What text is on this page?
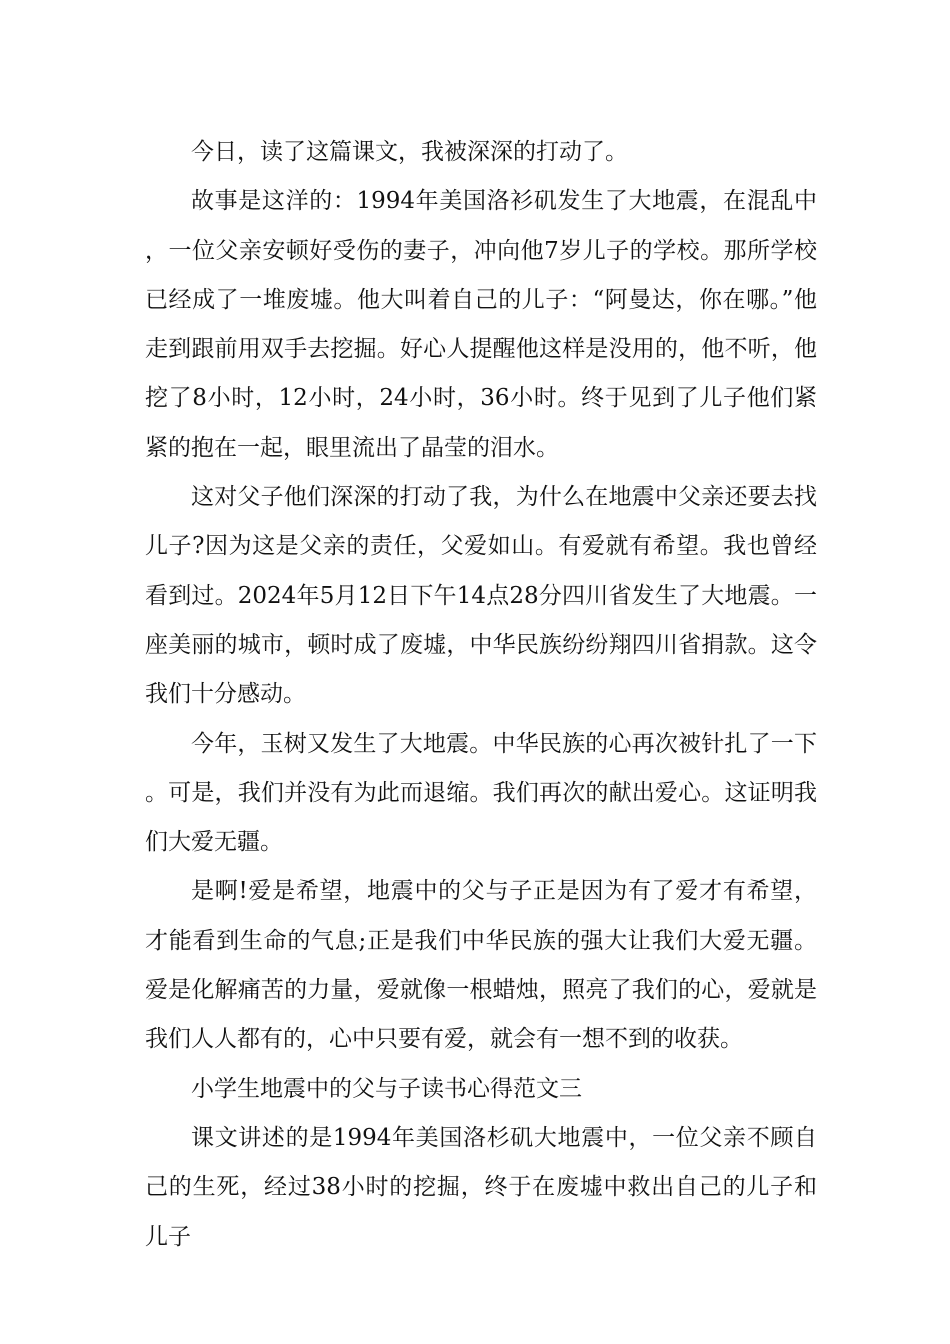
今日，读了这篇课文，我被深深的打动了。

故事是这洋的：1994年美国洛衫矶发生了大地震，在混乱中，一位父亲安顿好受伤的妻子，冲向他7岁儿子的学校。那所学校已经成了一堆废墟。他大叫着自己的儿子：“阿曼达，你在哪。”他走到跟前用双手去挖掘。好心人提醒他这样是没用的，他不听，他挖了8小时，12小时，24小时，36小时。终于见到了儿子他们紧紧的抱在一起，眼里流出了晶莹的泪水。

这对父子他们深深的打动了我，为什么在地震中父亲还要去找儿子?因为这是父亲的责任，父爱如山。有爱就有希望。我也曾经看到过。2024年5月12日下午14点28分四川省发生了大地震。一座美丽的城市，顿时成了废墟，中华民族纷纷翔四川省捐款。这令我们十分感动。

今年，玉树又发生了大地震。中华民族的心再次被针扎了一下。可是，我们并没有为此而退缩。我们再次的献出爱心。这证明我们大爱无疆。

是啊!爱是希望，地震中的父与子正是因为有了爱才有希望，才能看到生命的气息;正是我们中华民族的强大让我们大爱无疆。爱是化解痛苦的力量，爱就像一根蜡烛，照亮了我们的心，爱就是我们人人都有的，心中只要有爱，就会有一想不到的收获。

小学生地震中的父与子读书心得范文三

课文讲述的是1994年美国洛杉矶大地震中，一位父亲不顾自己的生死，经过38小时的挖掘，终于在废墟中救出自己的儿子和儿子
